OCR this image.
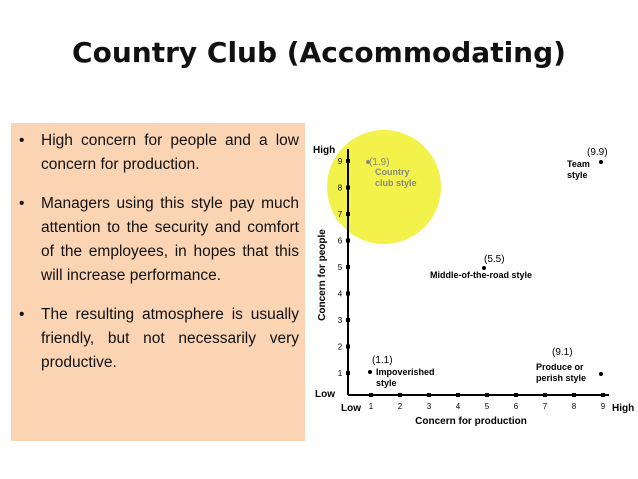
Country Club (Accommodating)
•	High concern for people and a low concern for production.
•	Managers using this style pay much attention to the security and comfort of the employees, in hopes that this will increase performance.
•	The resulting atmosphere is usually friendly, but not necessarily very productive.
High
Low
Low	High
Concern for people
Concern for production
1
1
2
2
3
3
4
4
5
5
6
6
7
7
8
8
9
9
(1.9)
Country
club style
(9.9)
Team
style
(5.5)
Middle-of-the-road style
(1.1)
Impoverished
style
(9.1)
Produce or
perish style
